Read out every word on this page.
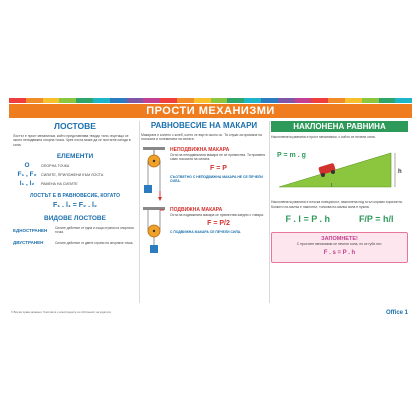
ПРОСТИ МЕХАНИЗМИ
ЛОСТОВЕ
Лостът е прост механизъм, който представлява твърдо тяло, въртящо се около неподвижна опорна точка. Чрез лоста може да се постигне изгода в сила.
ЕЛЕМЕНТИ
O	ОПОРНА ТОЧКА
F₁ , F₂	СИЛИТЕ, ПРИЛОЖЕНИ КЪМ ЛОСТА
l₁ , l₂	РАМЕНА НА СИЛИТЕ
ЛОСТЪТ Е В РАВНОВЕСИЕ, КОГАТО
F₁ . l₁ = F₂ . l₂
ВИДОВЕ ЛОСТОВЕ
ЕДНОСТРАНЕН	Силите действат от една и съща страна на опорната точка.
ДВУСТРАНЕН	Силите действат от двете страни на опорната точка.
РАВНОВЕСИЕ НА МАКАРИ
Макарата е колело с жлеб, което се върти около ос. Тя служи за промяна на посоката и големината на силата.
НЕПОДВИЖНА МАКАРА
Оста на неподвижната макара не се премества. Тя променя само посоката на силата.
F = P
СЪОТВЕТНО С НЕПОДВИЖНА МАКАРА НЕ СЕ ПЕЧЕЛИ СИЛА.
ПОДВИЖНА МАКАРА
Оста на подвижната макара се премества заедно с товара.
F = P/2
С ПОДВИЖНА МАКАРА СЕ ПЕЧЕЛИ СИЛА.
НАКЛОНЕНА РАВНИНА
Наклонената равнина е прост механизъм, с който се печели сила.
h
l
P = m . g
Наклонената равнина е плоска повърхност, наклонена под ъгъл спрямо хоризонта. Колкото по-малък е наклонът, толкова по-малка сила е нужна.
F . l = P . h	F/P = h/l
ЗАПОМНЕТЕ!
С простите механизми се печели сила, но се губи път.
F . s = P . h
© Всички права запазени. Текстовете и илюстрациите са собственост на издателя.	Office 1
